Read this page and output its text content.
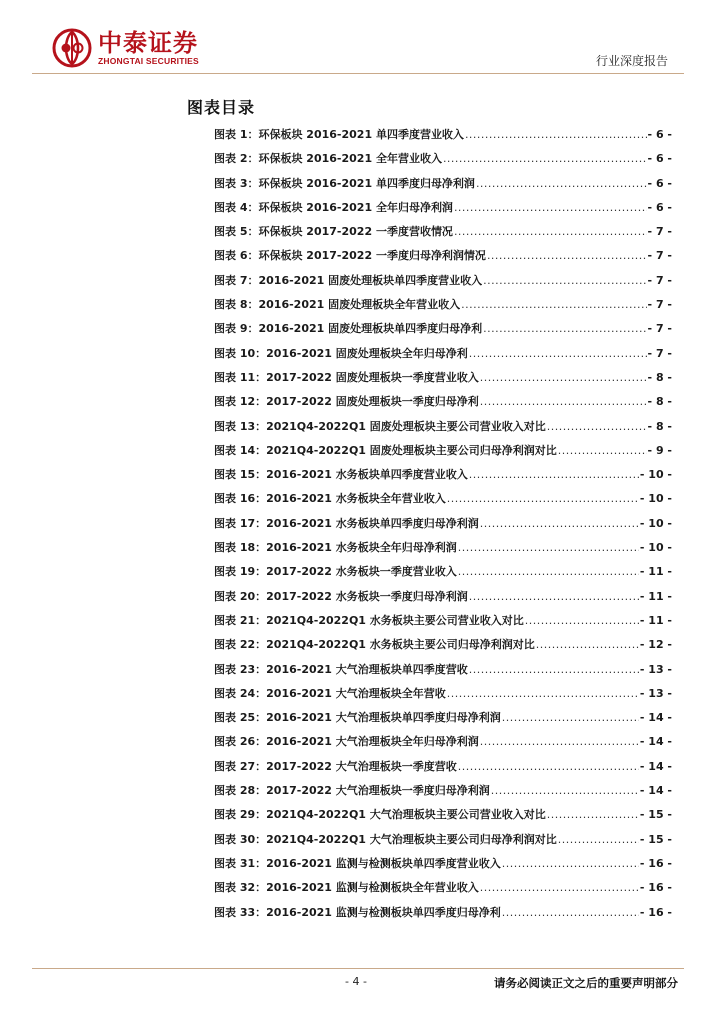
中泰证券
ZHONGTAI SECURITIES	行业深度报告
图表目录
图表 1：环保板块 2016-2021 单四季度营业收入 .....	- 6 -
图表 2：环保板块 2016-2021 全年营业收入 .....	- 6 -
图表 3：环保板块 2016-2021 单四季度归母净利润 .....	- 6 -
图表 4：环保板块 2016-2021 全年归母净利润 .....	- 6 -
图表 5：环保板块 2017-2022 一季度营收情况 .....	- 7 -
图表 6：环保板块 2017-2022 一季度归母净利润情况 .....	- 7 -
图表 7：2016-2021 固废处理板块单四季度营业收入 .....	- 7 -
图表 8：2016-2021 固废处理板块全年营业收入 .....	- 7 -
图表 9：2016-2021 固废处理板块单四季度归母净利 .....	- 7 -
图表 10：2016-2021 固废处理板块全年归母净利 .....	- 7 -
图表 11：2017-2022 固废处理板块一季度营业收入 .....	- 8 -
图表 12：2017-2022 固废处理板块一季度归母净利 .....	- 8 -
图表 13：2021Q4-2022Q1 固废处理板块主要公司营业收入对比 .....	- 8 -
图表 14：2021Q4-2022Q1 固废处理板块主要公司归母净利润对比 .....	- 9 -
图表 15：2016-2021 水务板块单四季度营业收入 .....	- 10 -
图表 16：2016-2021 水务板块全年营业收入 .....	- 10 -
图表 17：2016-2021 水务板块单四季度归母净利润 .....	- 10 -
图表 18：2016-2021 水务板块全年归母净利润 .....	- 10 -
图表 19：2017-2022 水务板块一季度营业收入 .....	- 11 -
图表 20：2017-2022 水务板块一季度归母净利润 .....	- 11 -
图表 21：2021Q4-2022Q1 水务板块主要公司营业收入对比 .....	- 11 -
图表 22：2021Q4-2022Q1 水务板块主要公司归母净利润对比 .....	- 12 -
图表 23：2016-2021 大气治理板块单四季度营收 .....	- 13 -
图表 24：2016-2021 大气治理板块全年营收 .....	- 13 -
图表 25：2016-2021 大气治理板块单四季度归母净利润 .....	- 14 -
图表 26：2016-2021 大气治理板块全年归母净利润 .....	- 14 -
图表 27：2017-2022 大气治理板块一季度营收 .....	- 14 -
图表 28：2017-2022 大气治理板块一季度归母净利润 .....	- 14 -
图表 29：2021Q4-2022Q1 大气治理板块主要公司营业收入对比 .....	- 15 -
图表 30：2021Q4-2022Q1 大气治理板块主要公司归母净利润对比 .....	- 15 -
图表 31：2016-2021 监测与检测板块单四季度营业收入 .....	- 16 -
图表 32：2016-2021 监测与检测板块全年营业收入 .....	- 16 -
图表 33：2016-2021 监测与检测板块单四季度归母净利 .....	- 16 -
- 4 -	请务必阅读正文之后的重要声明部分
